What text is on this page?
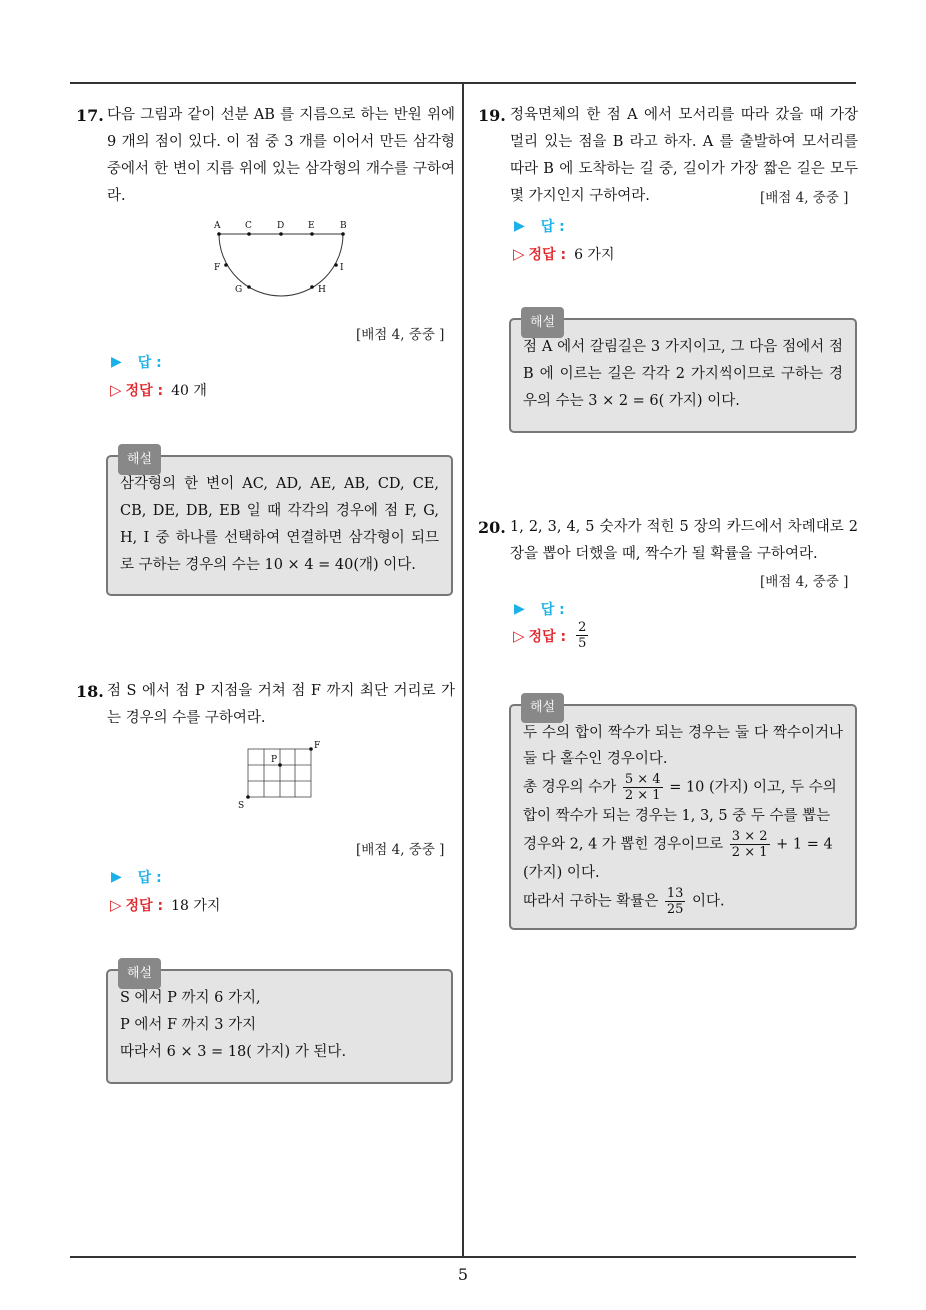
17. 다음 그림과 같이 선분 AB 를 지름으로 하는 반원 위에 9 개의 점이 있다. 이 점 중 3 개를 이어서 만든 삼각형 중에서 한 변이 지름 위에 있는 삼각형의 개수를 구하여라.
A	C	D	E	B
F	I
G	H
[배점 4, 중중 ]
▶ 답 :
▷ 정답 : 40 개
해설
삼각형의 한 변이 AC, AD, AE, AB, CD, CE, CB, DE, DB, EB 일 때 각각의 경우에 점 F, G, H, I 중 하나를 선택하여 연결하면 삼각형이 되므로 구하는 경우의 수는 10 × 4 = 40(개) 이다.
18. 점 S 에서 점 P 지점을 거쳐 점 F 까지 최단 거리로 가는 경우의 수를 구하여라.
S
P
F
[배점 4, 중중 ]
▶ 답 :
▷ 정답 : 18 가지
해설
S 에서 P 까지 6 가지,
P 에서 F 까지 3 가지
따라서 6 × 3 = 18( 가지) 가 된다.
19. 정육면체의 한 점 A 에서 모서리를 따라 갔을 때 가장 멀리 있는 점을 B 라고 하자. A 를 출발하여 모서리를 따라 B 에 도착하는 길 중, 길이가 가장 짧은 길은 모두 몇 가지인지 구하여라.	[배점 4, 중중 ]
▶ 답 :
▷ 정답 : 6 가지
해설
점 A 에서 갈림길은 3 가지이고, 그 다음 점에서 점 B 에 이르는 길은 각각 2 가지씩이므로 구하는 경우의 수는 3 × 2 = 6( 가지) 이다.
20. 1, 2, 3, 4, 5 숫자가 적힌 5 장의 카드에서 차례대로 2 장을 뽑아 더했을 때, 짝수가 될 확률을 구하여라.
[배점 4, 중중 ]
▶ 답 :
▷ 정답 : $\frac{2}{5}$
해설
두 수의 합이 짝수가 되는 경우는 둘 다 짝수이거나 둘 다 홀수인 경우이다.
총 경우의 수가 $\frac{5 \times 4}{2 \times 1} = 10$ (가지) 이고, 두 수의
합이 짝수가 되는 경우는 1, 3, 5 중 두 수를 뽑는
경우와 2, 4 가 뽑힌 경우이므로 $\frac{3 \times 2}{2 \times 1} + 1 = 4$
(가지) 이다.
따라서 구하는 확률은 $\frac{13}{25}$ 이다.
5
